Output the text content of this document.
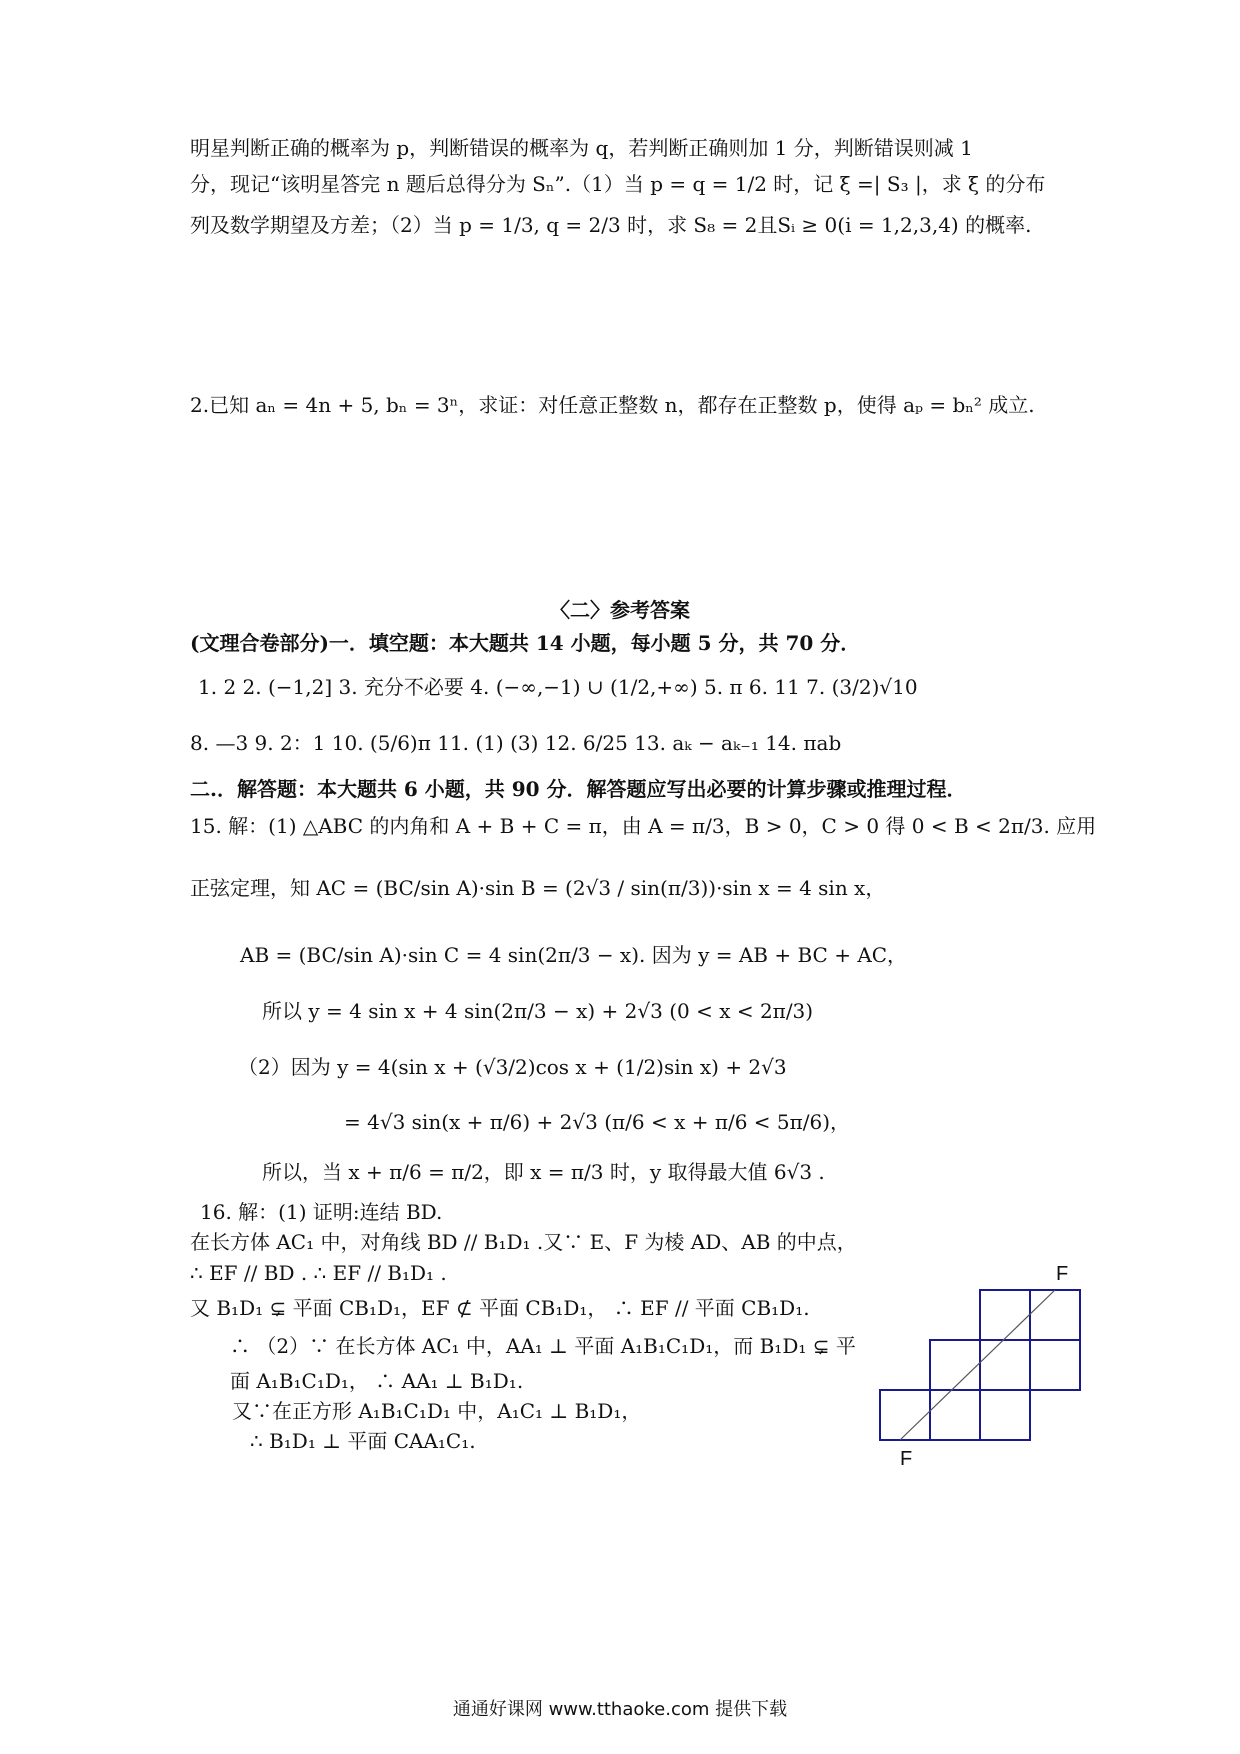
明星判断正确的概率为 p，判断错误的概率为 q，若判断正确则加 1 分，判断错误则减 1
分，现记“该明星答完 n 题后总得分为 Sₙ”.（1）当 p = q = 1/2 时，记 ξ =| S₃ |，求 ξ 的分布
列及数学期望及方差；（2）当 p = 1/3, q = 2/3 时，求 S₈ = 2且Sᵢ ≥ 0(i = 1,2,3,4) 的概率.
2.已知 aₙ = 4n + 5, bₙ = 3ⁿ，求证：对任意正整数 n，都存在正整数 p，使得 aₚ = bₙ² 成立.
〈二〉参考答案
(文理合卷部分)一．填空题：本大题共 14 小题，每小题 5 分，共 70 分．
1. 2 2. (−1,2] 3. 充分不必要 4. (−∞,−1) ∪ (1/2,+∞) 5. π 6. 11 7. (3/2)√10
8. —3 9. 2：1 10. (5/6)π 11. (1) (3) 12. 6/25 13. aₖ − aₖ₋₁ 14. πab
二.．解答题：本大题共 6 小题，共 90 分．解答题应写出必要的计算步骤或推理过程．
15. 解：(1) △ABC 的内角和 A + B + C = π，由 A = π/3，B > 0，C > 0 得 0 < B < 2π/3. 应用
正弦定理，知 AC = (BC/sin A)·sin B = (2√3 / sin(π/3))·sin x = 4 sin x，
AB = (BC/sin A)·sin C = 4 sin(2π/3 − x). 因为 y = AB + BC + AC，
所以 y = 4 sin x + 4 sin(2π/3 − x) + 2√3 (0 < x < 2π/3)
（2）因为 y = 4(sin x + (√3/2)cos x + (1/2)sin x) + 2√3
= 4√3 sin(x + π/6) + 2√3 (π/6 < x + π/6 < 5π/6)，
所以，当 x + π/6 = π/2，即 x = π/3 时，y 取得最大值 6√3 .
16. 解：(1) 证明:连结 BD.
在长方体 AC₁ 中，对角线 BD // B₁D₁ .又∵ E、F 为棱 AD、AB 的中点，
∴ EF // BD . ∴ EF // B₁D₁ .
又 B₁D₁ ⊊ 平面 CB₁D₁，EF ⊄ 平面 CB₁D₁， ∴ EF // 平面 CB₁D₁.
∴ （2）∵ 在长方体 AC₁ 中，AA₁ ⊥ 平面 A₁B₁C₁D₁，而 B₁D₁ ⊊ 平
面 A₁B₁C₁D₁， ∴ AA₁ ⊥ B₁D₁.
又∵在正方形 A₁B₁C₁D₁ 中，A₁C₁ ⊥ B₁D₁，
∴ B₁D₁ ⊥ 平面 CAA₁C₁.
F
F
通通好课网 www.tthaoke.com 提供下载
